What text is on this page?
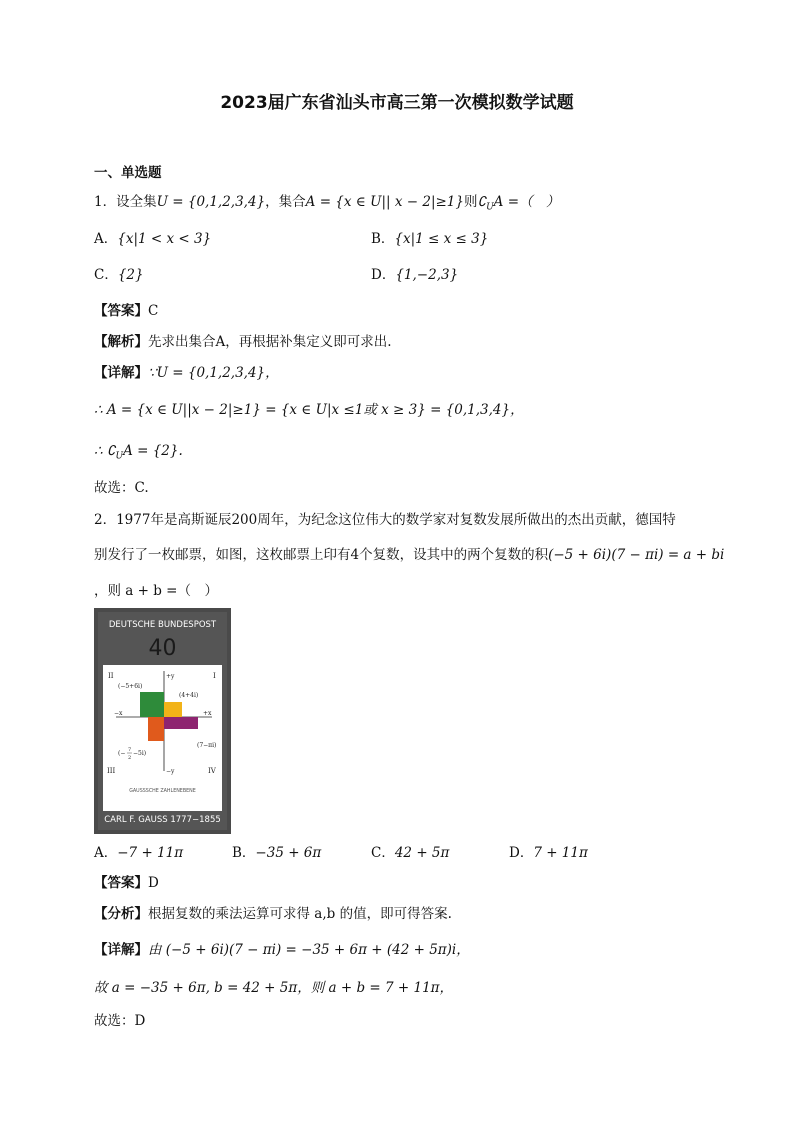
2023届广东省汕头市高三第一次模拟数学试题
一、单选题
1．设全集U = {0,1,2,3,4}，集合A = {x ∈ U|| x − 2|≥1}则$∁_UA$ =（　）
A．{x|1 < x < 3}	B．{x|1 ≤ x ≤ 3}
C．{2}	D．{1,−2,3}
【答案】C
【解析】先求出集合A，再根据补集定义即可求出.
【详解】∵U = {0,1,2,3,4}，
∴ A = {x ∈ U||x − 2|≥1} = {x ∈ U|x ≤1或 x ≥ 3} = {0,1,3,4}，
∴ $∁_UA = \{2\}$.
故选：C.
2．1977年是高斯诞辰200周年，为纪念这位伟大的数学家对复数发展所做出的杰出贡献，德国特
别发行了一枚邮票，如图，这枚邮票上印有4个复数，设其中的两个复数的积(−5 + 6i)(7 − πi) = a + bi
，则 a + b =（　）
DEUTSCHE BUNDESPOST
40
II	I
III	IV
+y
−y
+x
−x
(−5+6i)
(4+4i)
(7−πi)
(− 7
2
−5i)
GAUSSSCHE ZAHLENEBENE
CARL F. GAUSS 1777−1855
A．−7 + 11π	B．−35 + 6π	C．42 + 5π	D．7 + 11π
【答案】D
【分析】根据复数的乘法运算可求得 a,b 的值，即可得答案.
【详解】由 (−5 + 6i)(7 − πi) = −35 + 6π + (42 + 5π)i，
故 a = −35 + 6π, b = 42 + 5π，则 a + b = 7 + 11π，
故选：D
